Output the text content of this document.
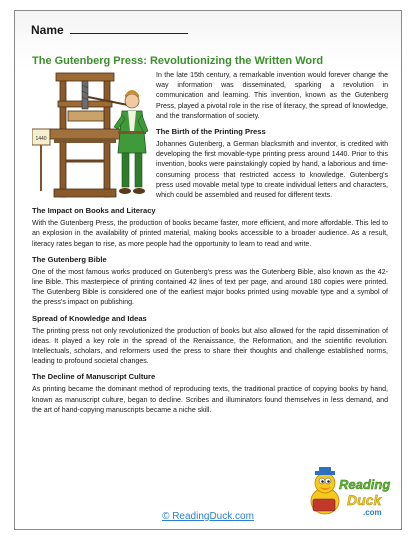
Name
The Gutenberg Press: Revolutionizing the Written Word
1440

In the late 15th century, a remarkable invention would forever change the way information was disseminated, sparking a revolution in communication and learning. This invention, known as the Gutenberg Press, played a pivotal role in the rise of literacy, the spread of knowledge, and the transformation of society.

The Birth of the Printing Press

Johannes Gutenberg, a German blacksmith and inventor, is credited with developing the first movable-type printing press around 1440. Prior to this invention, books were painstakingly copied by hand, a laborious and time-consuming process that restricted access to knowledge. Gutenberg's press used movable metal type to create individual letters and characters, which could be assembled and reused for different texts.

The Impact on Books and Literacy

With the Gutenberg Press, the production of books became faster, more efficient, and more affordable. This led to an explosion in the availability of printed material, making books accessible to a broader audience. As a result, literacy rates began to rise, as more people had the opportunity to learn to read and write.

The Gutenberg Bible

One of the most famous works produced on Gutenberg's press was the Gutenberg Bible, also known as the 42-line Bible. This masterpiece of printing contained 42 lines of text per page, and around 180 copies were printed. The Gutenberg Bible is considered one of the earliest major books printed using movable type and a symbol of the press's impact on publishing.

Spread of Knowledge and Ideas

The printing press not only revolutionized the production of books but also allowed for the rapid dissemination of ideas. It played a key role in the spread of the Renaissance, the Reformation, and the scientific revolution. Intellectuals, scholars, and reformers used the press to share their thoughts and challenge established norms, leading to profound societal changes.

The Decline of Manuscript Culture

As printing became the dominant method of reproducing texts, the traditional practice of copying books by hand, known as manuscript culture, began to decline. Scribes and illuminators found themselves in less demand, and the art of hand-copying manuscripts became a niche skill.

© ReadingDuck.com
Reading
Duck
.com
